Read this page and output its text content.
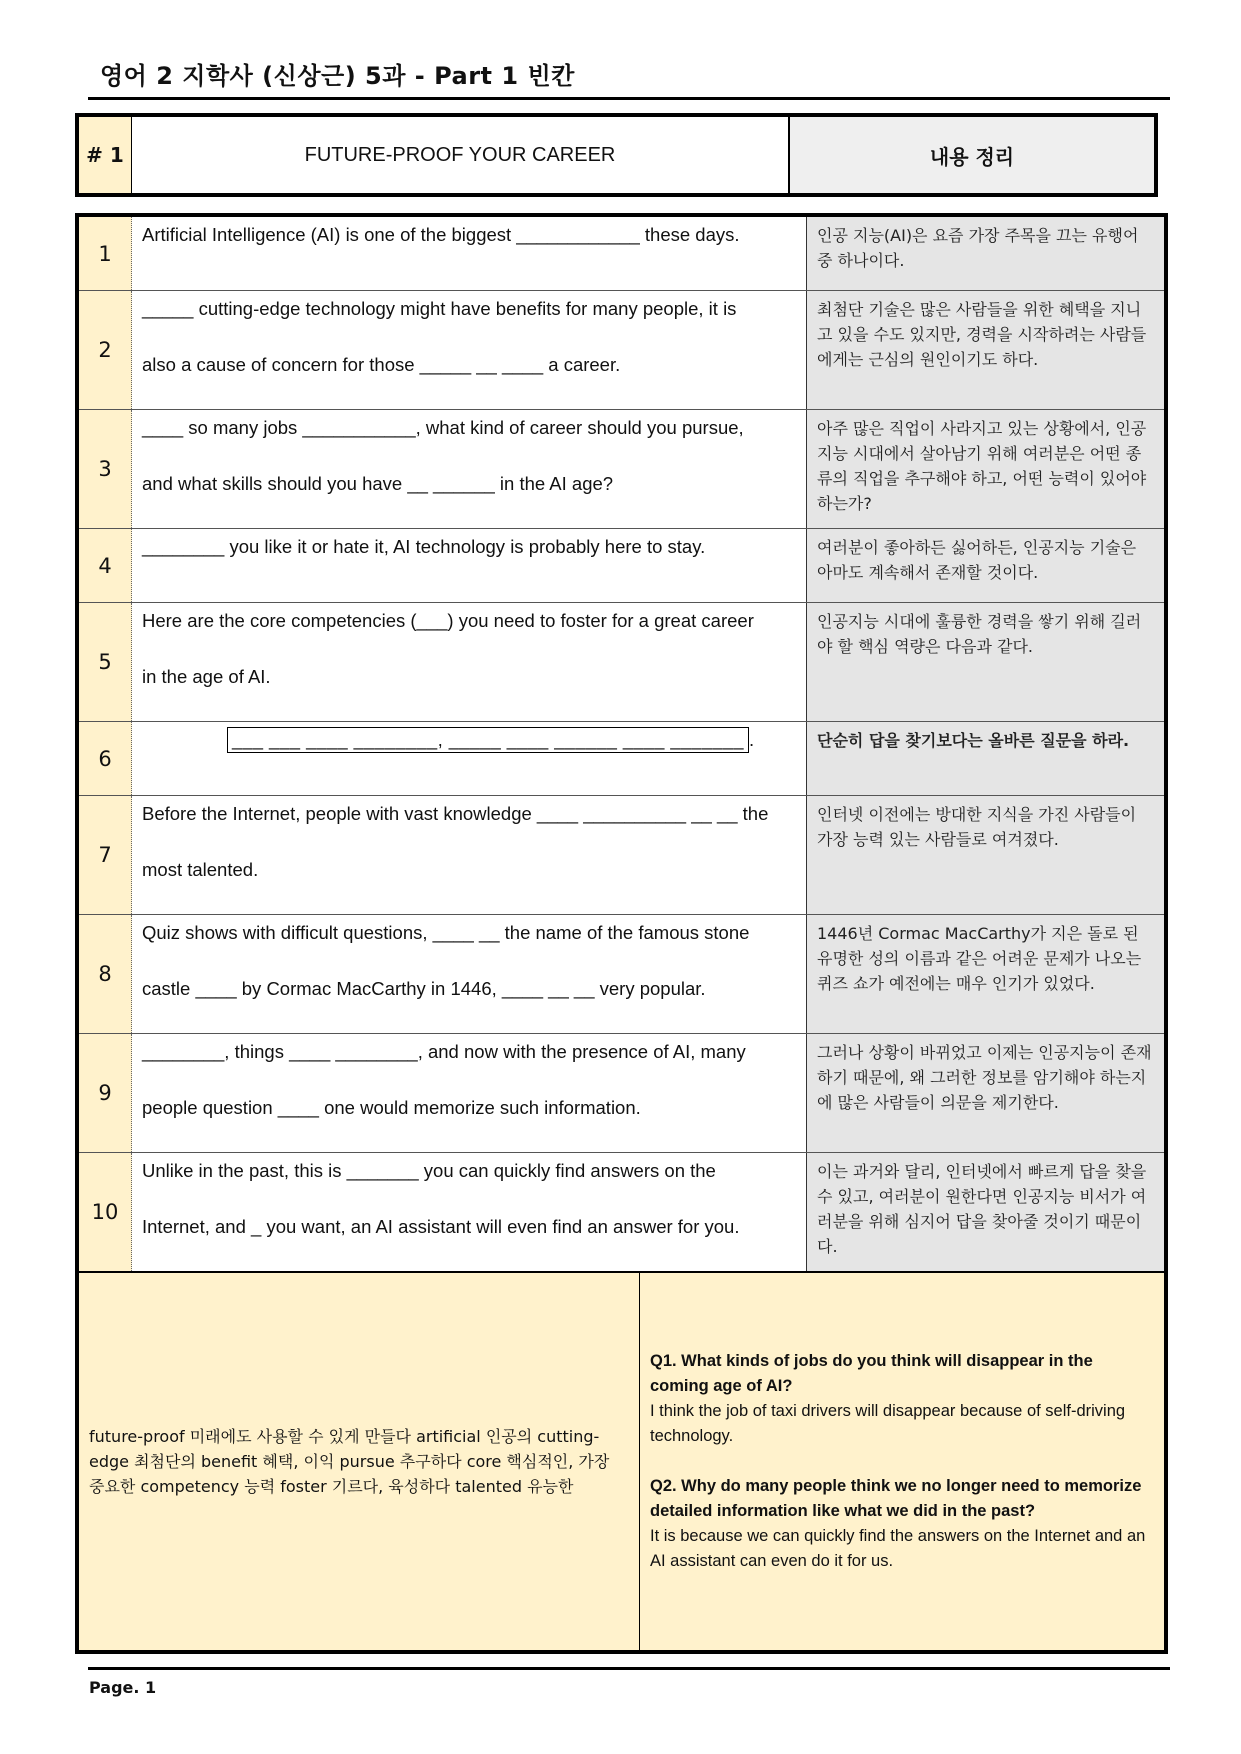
영어 2 지학사 (신상근) 5과 - Part 1 빈칸
# 1	FUTURE-PROOF YOUR CAREER	내용 정리
1	
Artificial Intelligence (AI) is one of the biggest ____________ these days.	인공 지능(AI)은 요즘 가장 주목을 끄는 유행어 중 하나이다.
2	
_____ cutting-edge technology might have benefits for many people, it is
also a cause of concern for those _____ __ ____ a career.
	최첨단 기술은 많은 사람들을 위한 혜택을 지니고 있을 수도 있지만, 경력을 시작하려는 사람들에게는 근심의 원인이기도 하다.
3	
____ so many jobs ___________, what kind of career should you pursue,
and what skills should you have __ ______ in the AI age?
	아주 많은 직업이 사라지고 있는 상황에서, 인공지능 시대에서 살아남기 위해 여러분은 어떤 종류의 직업을 추구해야 하고, 어떤 능력이 있어야 하는가?
4	
________ you like it or hate it, AI technology is probably here to stay.	여러분이 좋아하든 싫어하든, 인공지능 기술은 아마도 계속해서 존재할 것이다.
5	
Here are the core competencies (___) you need to foster for a great career
in the age of AI.
	인공지능 시대에 훌륭한 경력을 쌓기 위해 길러야 할 핵심 역량은 다음과 같다.
6	
___ ___ ____ ________, _____ ____ ______ ____ _______ .	단순히 답을 찾기보다는 올바른 질문을 하라.
7	
Before the Internet, people with vast knowledge ____ __________ __ __ the
most talented.
	인터넷 이전에는 방대한 지식을 가진 사람들이 가장 능력 있는 사람들로 여겨졌다.
8	
Quiz shows with difficult questions, ____ __ the name of the famous stone
castle ____ by Cormac MacCarthy in 1446, ____ __ __ very popular.
	1446년 Cormac MacCarthy가 지은 돌로 된 유명한 성의 이름과 같은 어려운 문제가 나오는 퀴즈 쇼가 예전에는 매우 인기가 있었다.
9	
________, things ____ ________, and now with the presence of AI, many
people question ____ one would memorize such information.
	그러나 상황이 바뀌었고 이제는 인공지능이 존재하기 때문에, 왜 그러한 정보를 암기해야 하는지에 많은 사람들이 의문을 제기한다.
10	
Unlike in the past, this is _______ you can quickly find answers on the
Internet, and _ you want, an AI assistant will even find an answer for you.
	이는 과거와 달리, 인터넷에서 빠르게 답을 찾을 수 있고, 여러분이 원한다면 인공지능 비서가 여러분을 위해 심지어 답을 찾아줄 것이기 때문이다.

future-proof 미래에도 사용할 수 있게 만들다 artificial 인공의 cutting-edge 최첨단의 benefit 혜택, 이익 pursue 추구하다 core 핵심적인, 가장 중요한 competency 능력 foster 기르다, 육성하다 talented 유능한	
Q1. What kinds of jobs do you think will disappear in the coming age of AI?
I think the job of taxi drivers will disappear because of self-driving technology.
Q2. Why do many people think we no longer need to memorize detailed information like what we did in the past?
It is because we can quickly find the answers on the Internet and an AI assistant can even do it for us.
Page. 1
